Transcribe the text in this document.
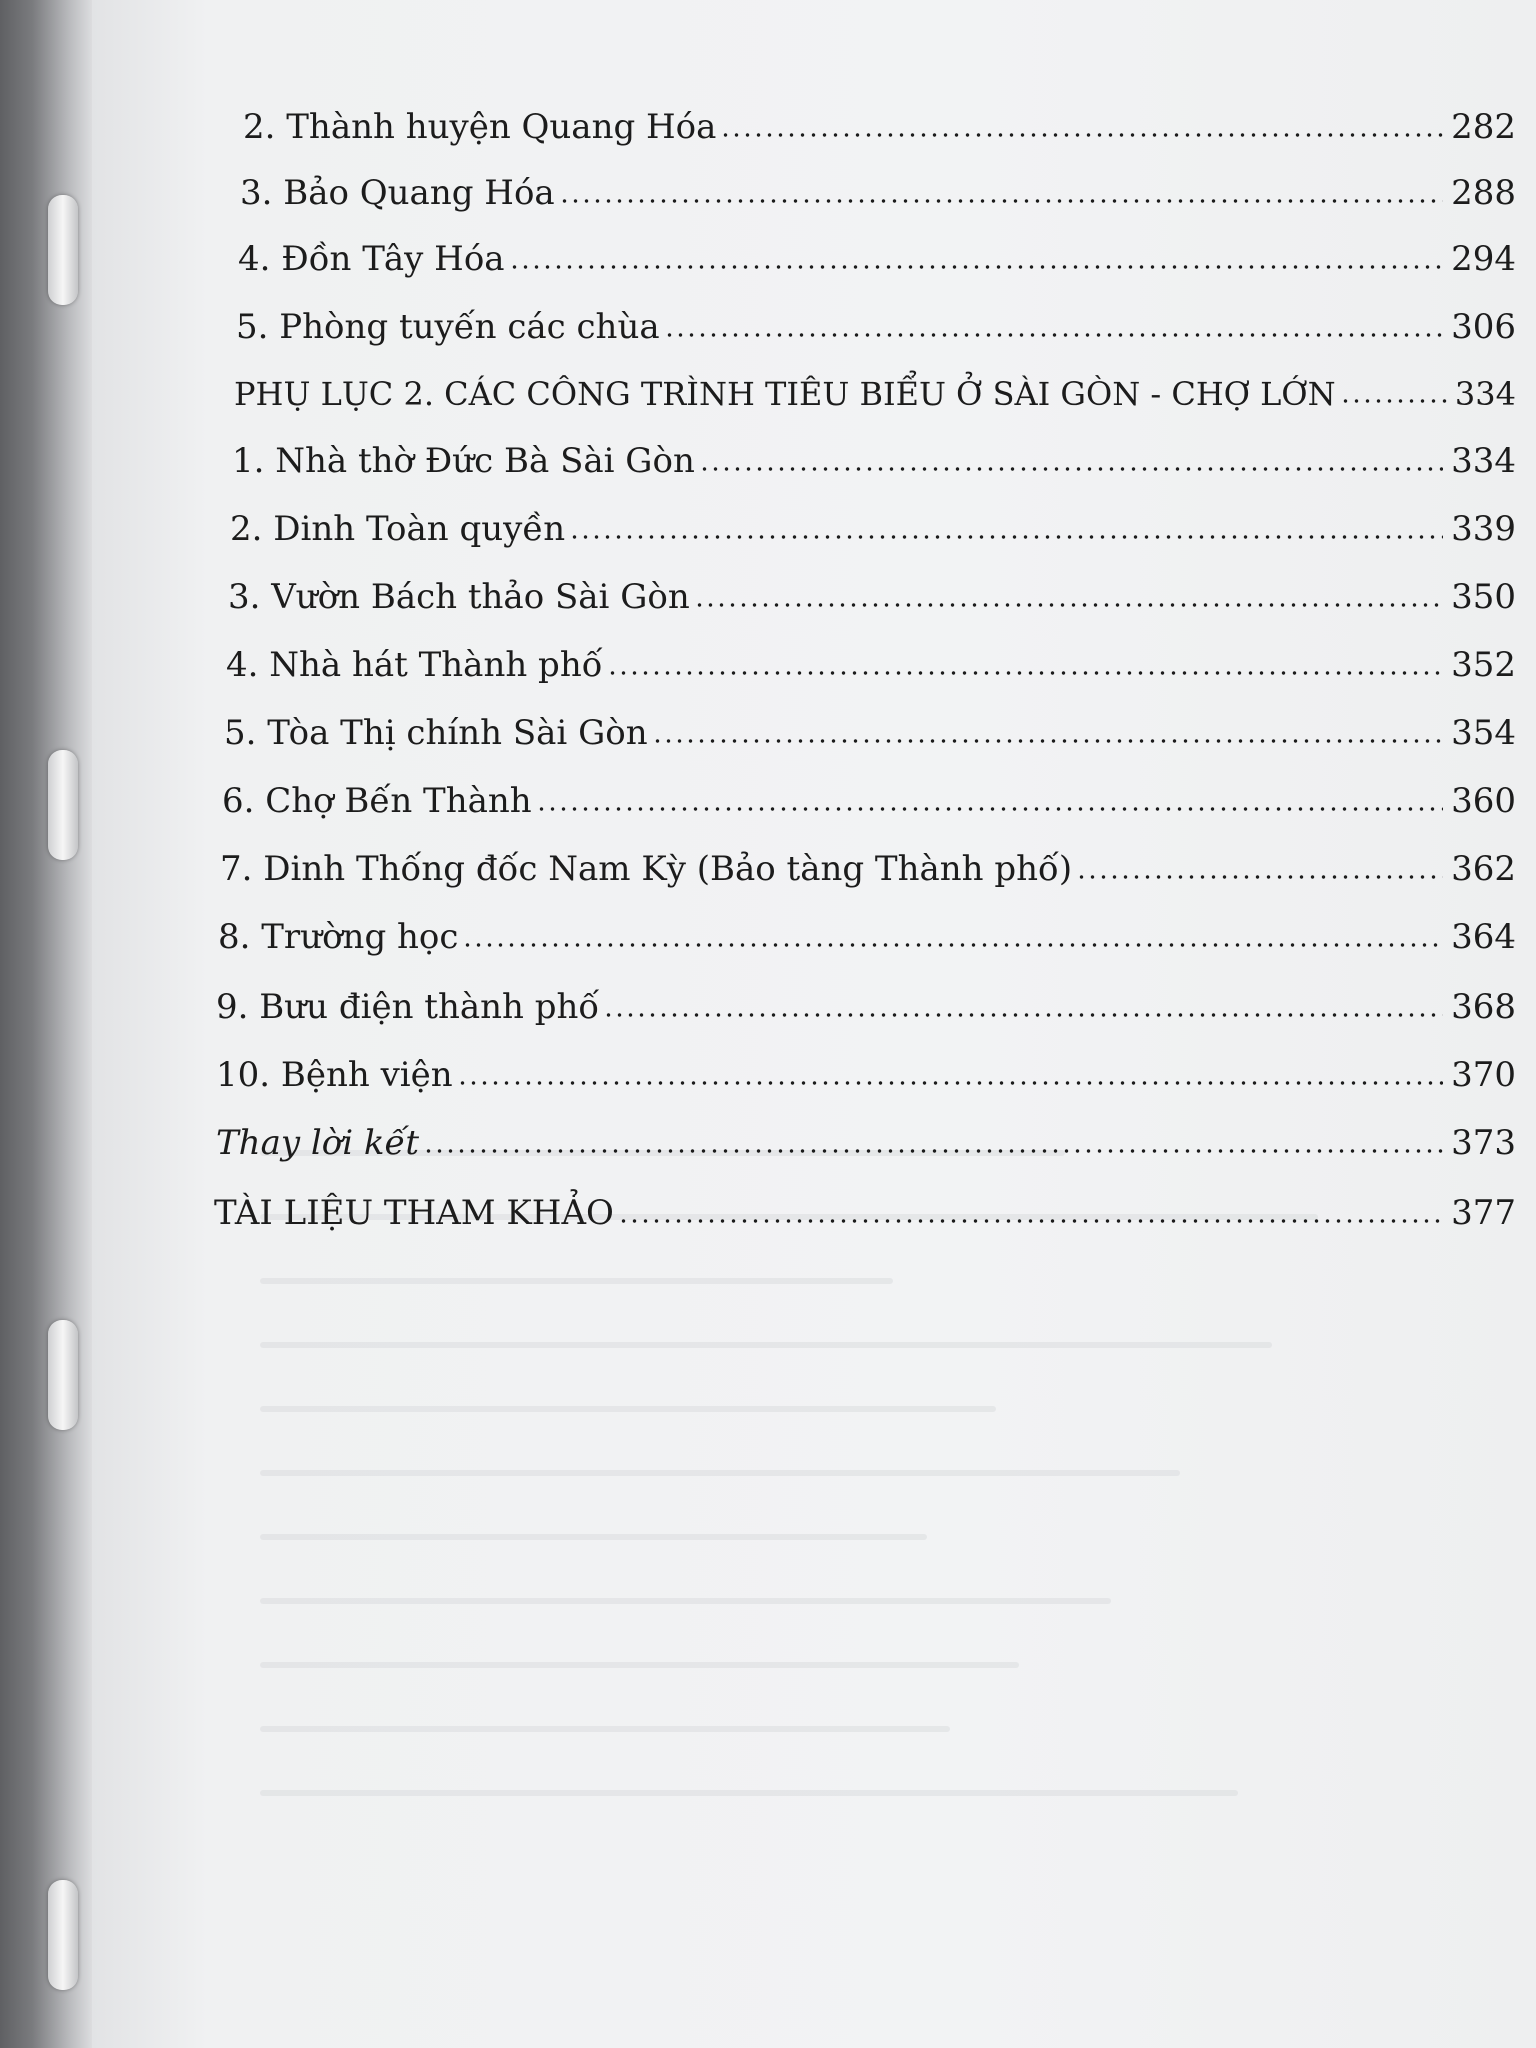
2. Thành huyện Quang Hóa	282
3. Bảo Quang Hóa	288
4. Đồn Tây Hóa	294
5. Phòng tuyến các chùa	306
PHỤ LỤC 2. CÁC CÔNG TRÌNH TIÊU BIỂU Ở SÀI GÒN - CHỢ LỚN	334
1. Nhà thờ Đức Bà Sài Gòn	334
2. Dinh Toàn quyền	339
3. Vườn Bách thảo Sài Gòn	350
4. Nhà hát Thành phố	352
5. Tòa Thị chính Sài Gòn	354
6. Chợ Bến Thành	360
7. Dinh Thống đốc Nam Kỳ (Bảo tàng Thành phố)	362
8. Trường học	364
9. Bưu điện thành phố	368
10. Bệnh viện	370
Thay lời kết	373
TÀI LIỆU THAM KHẢO	377
